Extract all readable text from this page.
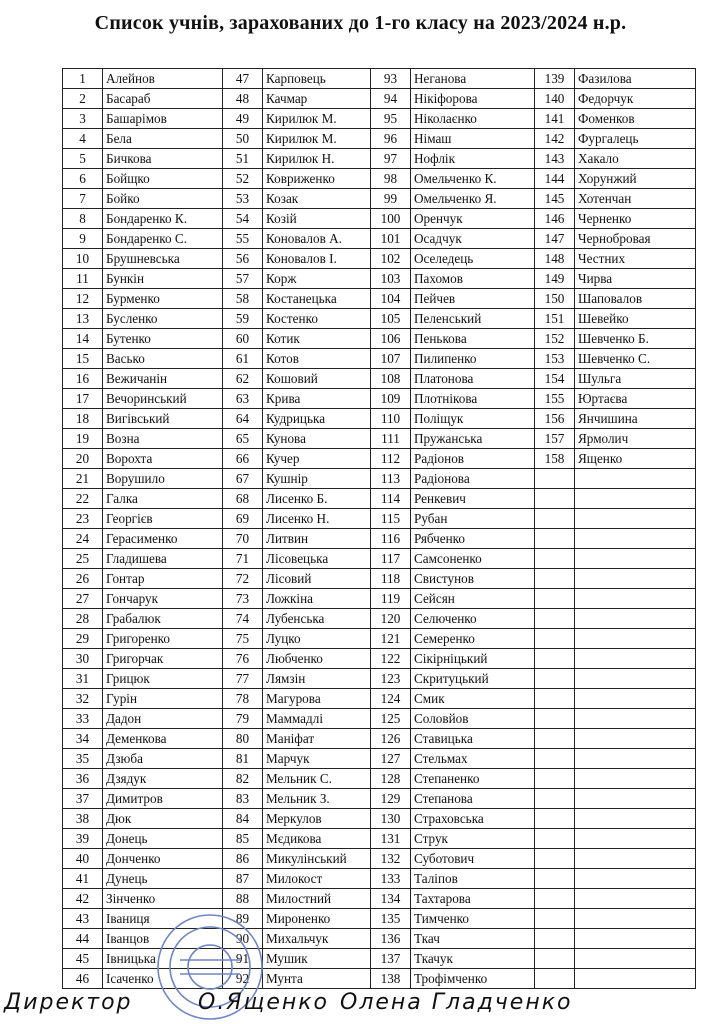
Список учнів, зарахованих до 1-го класу на 2023/2024 н.р.
1	Алейнов	47	Карповець	93	Неганова	139	Фазилова
2	Басараб	48	Качмар	94	Нікіфорова	140	Федорчук
3	Башарімов	49	Кирилюк М.	95	Ніколаєнко	141	Фоменков
4	Бела	50	Кирилюк М.	96	Німаш	142	Фургалець
5	Бичкова	51	Кирилюк Н.	97	Нофлік	143	Хакало
6	Бойщко	52	Ковриженко	98	Омельченко К.	144	Хорунжий
7	Бойко	53	Козак	99	Омельченко Я.	145	Хотенчан
8	Бондаренко К.	54	Козій	100	Оренчук	146	Черненко
9	Бондаренко С.	55	Коновалов А.	101	Осадчук	147	Чернобровая
10	Брушневська	56	Коновалов І.	102	Оселедець	148	Честних
11	Бункін	57	Корж	103	Пахомов	149	Чирва
12	Бурменко	58	Костанецька	104	Пейчев	150	Шаповалов
13	Бусленко	59	Костенко	105	Пеленський	151	Шевейко
14	Бутенко	60	Котик	106	Пенькова	152	Шевченко Б.
15	Васько	61	Котов	107	Пилипенко	153	Шевченко С.
16	Вежичанін	62	Кошовий	108	Платонова	154	Шульга
17	Вечоринський	63	Крива	109	Плотнікова	155	Юртаєва
18	Вигівський	64	Кудрицька	110	Поліщук	156	Янчишина
19	Возна	65	Кунова	111	Пружанська	157	Ярмолич
20	Ворохта	66	Кучер	112	Радіонов	158	Ященко
21	Ворушило	67	Кушнір	113	Радіонова		
22	Галка	68	Лисенко Б.	114	Ренкевич		
23	Георгієв	69	Лисенко Н.	115	Рубан		
24	Герасименко	70	Литвин	116	Рябченко		
25	Гладишева	71	Лісовецька	117	Самсоненко		
26	Гонтар	72	Лісовий	118	Свистунов		
27	Гончарук	73	Ложкіна	119	Сейсян		
28	Грабалюк	74	Лубенська	120	Селюченко		
29	Григоренко	75	Луцко	121	Семеренко		
30	Григорчак	76	Любченко	122	Сікірніцький		
31	Грицюк	77	Лямзін	123	Скритуцький		
32	Гурін	78	Магурова	124	Смик		
33	Дадон	79	Маммадлі	125	Соловйов		
34	Деменкова	80	Маніфат	126	Ставицька		
35	Дзюба	81	Марчук	127	Стельмах		
36	Дзядук	82	Мельник С.	128	Степаненко		
37	Димитров	83	Мельник З.	129	Степанова		
38	Дюк	84	Меркулов	130	Страховська		
39	Донець	85	Мєдикова	131	Струк		
40	Донченко	86	Микулінський	132	Суботович		
41	Дунець	87	Милокост	133	Таліпов		
42	Зінченко	88	Милостний	134	Тахтарова		
43	Іваниця	89	Мироненко	135	Тимченко		
44	Іванцов	90	Михальчук	136	Ткач		
45	Івницька	91	Мушик	137	Ткачук		
46	Ісаченко	92	Мунта	138	Трофімченко		
Директор	О.Ященко Олена Гладченко
